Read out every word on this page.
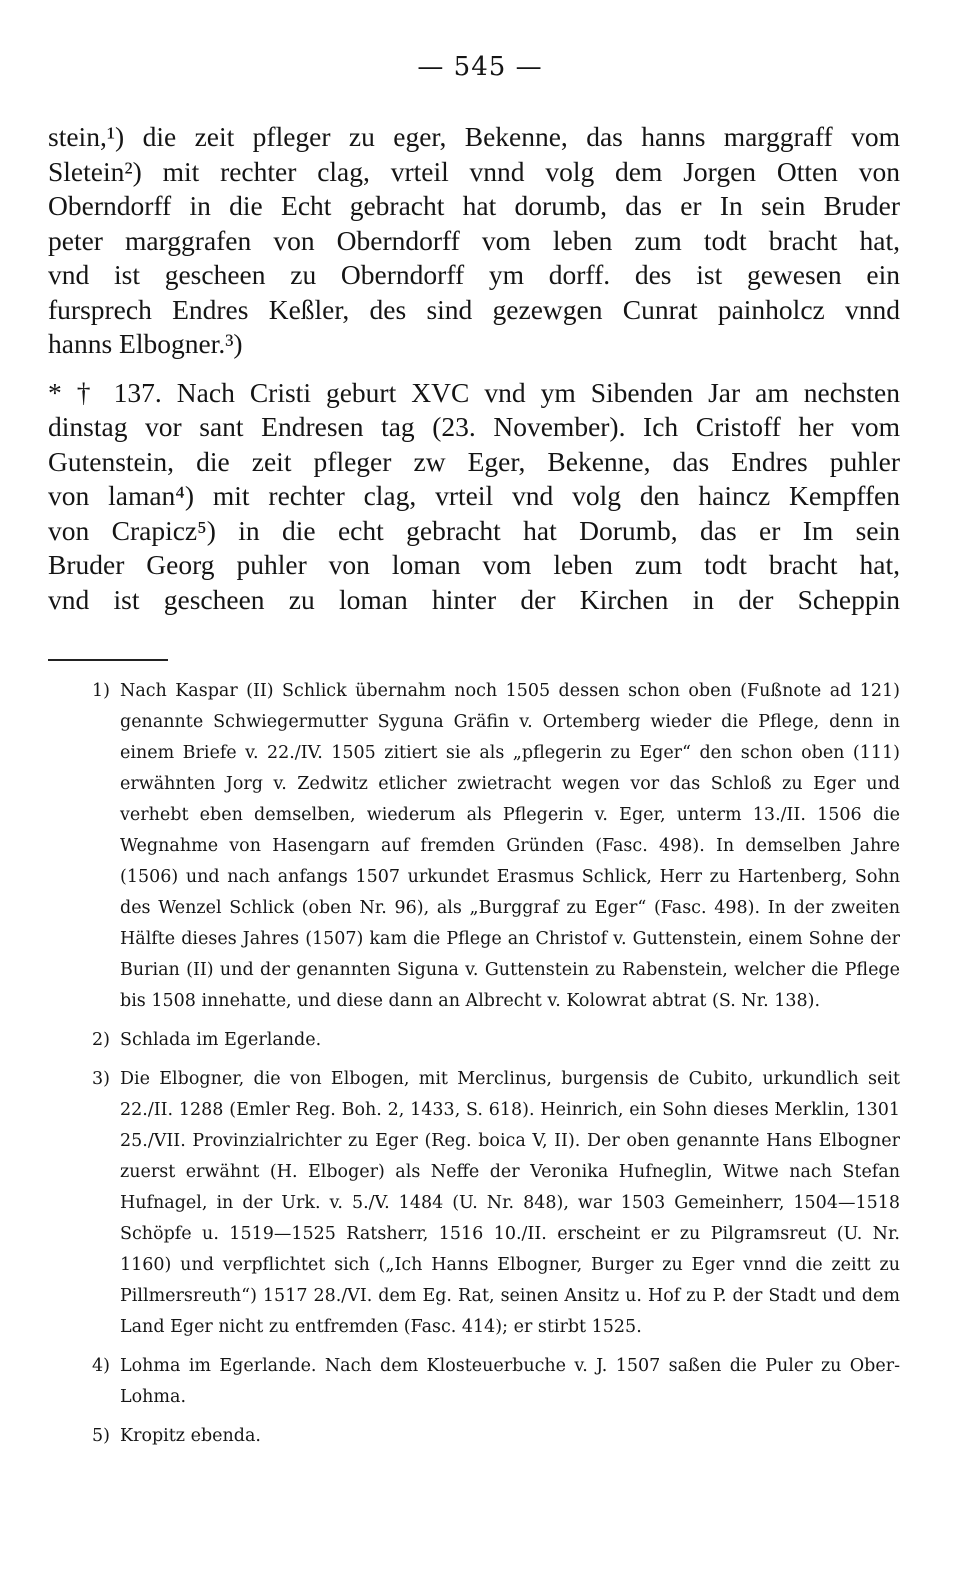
— 545 —
stein,¹) die zeit pfleger zu eger, Bekenne, das hanns marggraff vom
Sletein²) mit rechter clag, vrteil vnnd volg dem Jorgen Otten von
Oberndorff in die Echt gebracht hat dorumb, das er In sein Bruder
peter marggrafen von Oberndorff vom leben zum todt bracht hat,
vnd ist gescheen zu Oberndorff ym dorff. des ist gewesen ein
fursprech Endres Keßler, des sind gezewgen Cunrat painholcz vnnd
hanns Elbogner.³)
* † 137. Nach Cristi geburt XVC vnd ym Sibenden Jar am nechsten
dinstag vor sant Endresen tag (23. November). Ich Cristoff her vom
Gutenstein, die zeit pfleger zw Eger, Bekenne, das Endres puhler
von laman⁴) mit rechter clag, vrteil vnd volg den haincz Kempffen
von Crapicz⁵) in die echt gebracht hat Dorumb, das er Im sein
Bruder Georg puhler von loman vom leben zum todt bracht hat,
vnd ist gescheen zu loman hinter der Kirchen in der Scheppin
1) Nach Kaspar (II) Schlick übernahm noch 1505 dessen schon oben (Fußnote ad 121) genannte Schwiegermutter Syguna Gräfin v. Ortemberg wieder die Pflege, denn in einem Briefe v. 22./IV. 1505 zitiert sie als „pflegerin zu Eger“ den schon oben (111) erwähnten Jorg v. Zedwitz etlicher zwietracht wegen vor das Schloß zu Eger und verhebt eben demselben, wiederum als Pflegerin v. Eger, unterm 13./II. 1506 die Wegnahme von Hasengarn auf fremden Gründen (Fasc. 498). In demselben Jahre (1506) und nach anfangs 1507 urkundet Erasmus Schlick, Herr zu Hartenberg, Sohn des Wenzel Schlick (oben Nr. 96), als „Burggraf zu Eger“ (Fasc. 498). In der zweiten Hälfte dieses Jahres (1507) kam die Pflege an Christof v. Guttenstein, einem Sohne der Burian (II) und der genannten Siguna v. Guttenstein zu Rabenstein, welcher die Pflege bis 1508 innehatte, und diese dann an Albrecht v. Kolowrat abtrat (S. Nr. 138).
2) Schlada im Egerlande.
3) Die Elbogner, die von Elbogen, mit Merclinus, burgensis de Cubito, urkundlich seit 22./II. 1288 (Emler Reg. Boh. 2, 1433, S. 618). Heinrich, ein Sohn dieses Merklin, 1301 25./VII. Provinzialrichter zu Eger (Reg. boica V, II). Der oben genannte Hans Elbogner zuerst erwähnt (H. Elboger) als Neffe der Veronika Hufneglin, Witwe nach Stefan Hufnagel, in der Urk. v. 5./V. 1484 (U. Nr. 848), war 1503 Gemeinherr, 1504—1518 Schöpfe u. 1519—1525 Ratsherr, 1516 10./II. erscheint er zu Pilgramsreut (U. Nr. 1160) und verpflichtet sich („Ich Hanns Elbogner, Burger zu Eger vnnd die zeitt zu Pillmersreuth“) 1517 28./VI. dem Eg. Rat, seinen Ansitz u. Hof zu P. der Stadt und dem Land Eger nicht zu entfremden (Fasc. 414); er stirbt 1525.
4) Lohma im Egerlande. Nach dem Klosteuerbuche v. J. 1507 saßen die Puler zu Ober-Lohma.
5) Kropitz ebenda.
